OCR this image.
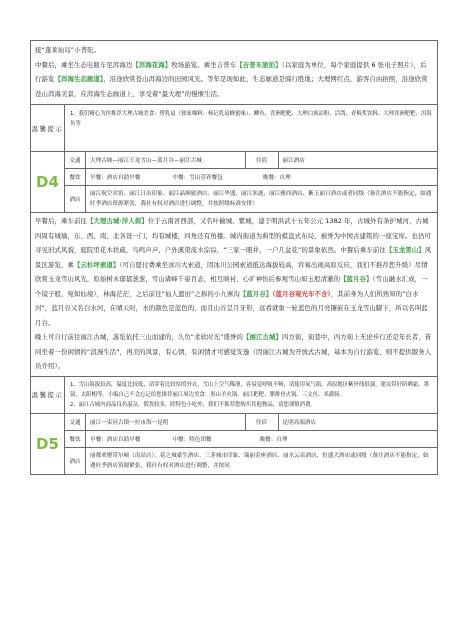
接“蓬莱仙岛”小普陀。
中餐后，乘坐生态电瓶车至洱海边【洱海花海】牧场游览。乘坐吉普车【吉普车旅拍】（以家庭为单位，每个家庭提供 6 张电子照片），后行游览【洱海生态廊道】，沿途欣赏苍山洱海边的田园风光。等年是现如此，生态廊道是骑行胜地；大理网红点，游客自由拍照，沿途欣赏苍山洱海美景，在洱海生态廊道上，享受着“最大理”的慢惬生活。
温馨提示
1、我们精心为你推荐大理古城美食：烤乳扇（独家爆料：杨记乳扇蜂蜜味）、鲫鱼、喜洲粑粑、大理白族凉粉、活鸽、青梅炙饮料、大理喜洲粑粑、洱海鱼等
D4
交通	大理古城—丽江玉龙雪山—蓝月谷—丽江古城	住宿	丽江酒店
餐饮	早餐：酒店自助早餐	中餐：雪山营养餐包	晚餐：自理
酒店
丽江航空宾馆、丽江日出印象、丽江晶顺旅酒店、丽江华盛、丽江朱鹿、丽江雅西酒店、紫玉丽日酒店或者同级（备注酒店不能指定，如遇旺季酒店资源紧张，我社有权对酒店进行调整，并按照级标准安排）
早餐后，乘车前往【大理古城·洋人街】位于云南省西部，又名叶榆城、紫城，建于明洪武十五年公元 1382 年，古城外有条护城河，古城四周有城墙，东、西、南、北各设一门，均有城楼，四角还有角楼。城内街道为典型的棋盘式布局，被誉为中国古建筑的一座宝库。也仍可寻见旧式风貌，庭院里花木扶疏，鸟鸣声声，户外溪渠流水淙淙，“三家一眼井，一户几盆花”的景象依然。中餐后乘车前往【玉龙雪山】风景区游览，乘【云杉坪索道】（可自愿付费乘坐冰川大索道，因冰川公园索道抵达海拔较高，容易出现高原反应，我们不推荐您升级）尽情欣赏玉龙雪山风光，原始树木郁郁葱葱，雪山诸峰千姿百态，相互映衬，心旷神怡后参观雪山如玉般清澈的【蓝月谷】（雪山融水汇成，一个镜子般，宛如仙境），林海茫茫，之后前往“仙人遗田”之称的小九寨沟【蓝月谷】（蓝月谷观光车不含），其前身为人们所熟知的“白水河”，蓝月谷又名白水河，在晴天时，水的颜色是蓝色的，而且山谷呈月牙形，远看就象一轮蓝色的月亮镶嵌在玉龙雪山脚下，所以名叫蓝月谷。
晚上可自行前往丽江古城，游览依托三山而建的，久负“柔软时光”盛誉的【丽江古城】四方街，街巷中，四方街上无论步行还是年长者，皆同坐着一份闲情的“浪漫生活”，再美的风景，有心情，有闲情才可感觉安逸（因丽江古城为开放式古城，基本为自行游览，则不提供服务人员介绍）。
温馨提示
1、雪山海拔较高，温度比较低，请穿着比较厚的外衣。雪山上空气稀薄，容易觉呼吸不畅，请使用氧气瓶。高原地区紫外线很强，建议带好防晒霜，墨镜，太阳帽等。小编自己不会忘记给您推荐丽江周边美食：黑山羊火锅、丽江粑粑、腊排骨火锅、三文鱼、米灌肠。
2、丽江古城内商品良名混杂，假货较多，除特色小吃外，我们不推荐您购买其他物品，请您谨慎消费。
D5
交通	丽江一束河古镇一拉市海一昆明	住宿	昆明高端酒店
餐饮	早餐：酒店自助早餐	中餐：特色团餐	晚餐：自理
酒店
丽都欢聚带尔顿（南站店）、花之城豪生酒店、三茅城市印象、瑞丽金座酒店、丽水云泉酒店、恒盛大酒店或同级（备注酒店不能指定，如遇旺季酒店资源紧张，我社有权对酒店进行调整，并按同
